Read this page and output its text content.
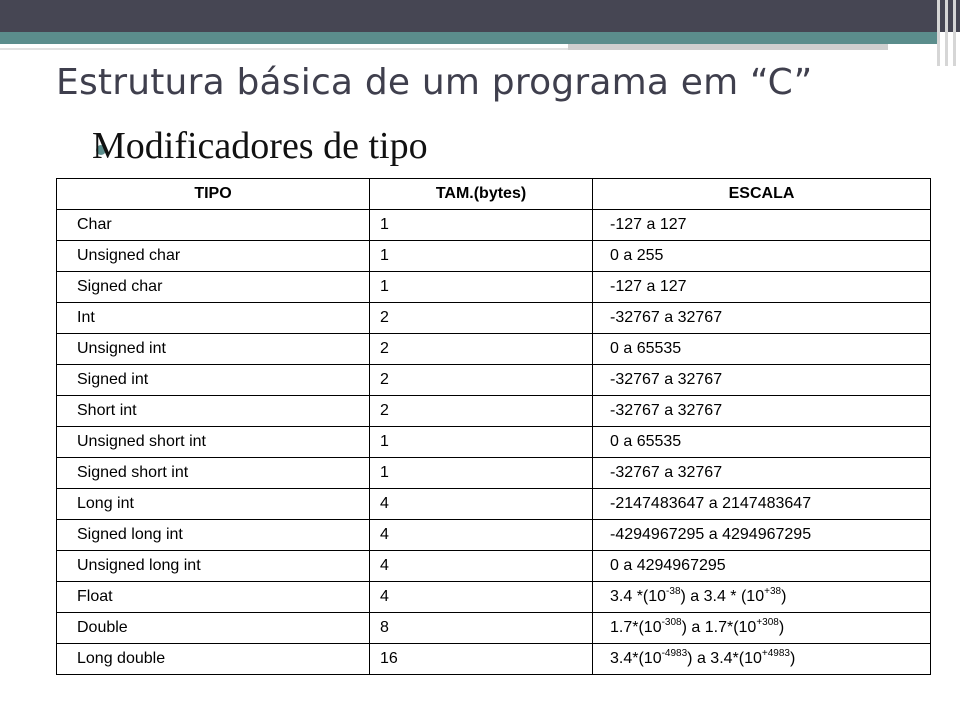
Estrutura básica de um programa em “C”
Modificadores de tipo
TIPO	TAM.(bytes)	ESCALA
Char	1	-127 a 127
Unsigned char	1	0 a 255
Signed char	1	-127 a 127
Int	2	-32767 a 32767
Unsigned int	2	0 a 65535
Signed int	2	-32767 a 32767
Short int	2	-32767 a 32767
Unsigned short int	1	0 a 65535
Signed short int	1	-32767 a 32767
Long int	4	-2147483647 a 2147483647
Signed long int	4	-4294967295 a 4294967295
Unsigned long int	4	0 a 4294967295
Float	4	3.4 $*(10^{-38})$ a $3.4 * (10^{+38})$
Double	8	$1.7*(10^{-308})$ a $1.7*(10^{+308})$
Long double	16	$3.4*(10^{-4983})$ a $3.4*(10^{+4983})$
